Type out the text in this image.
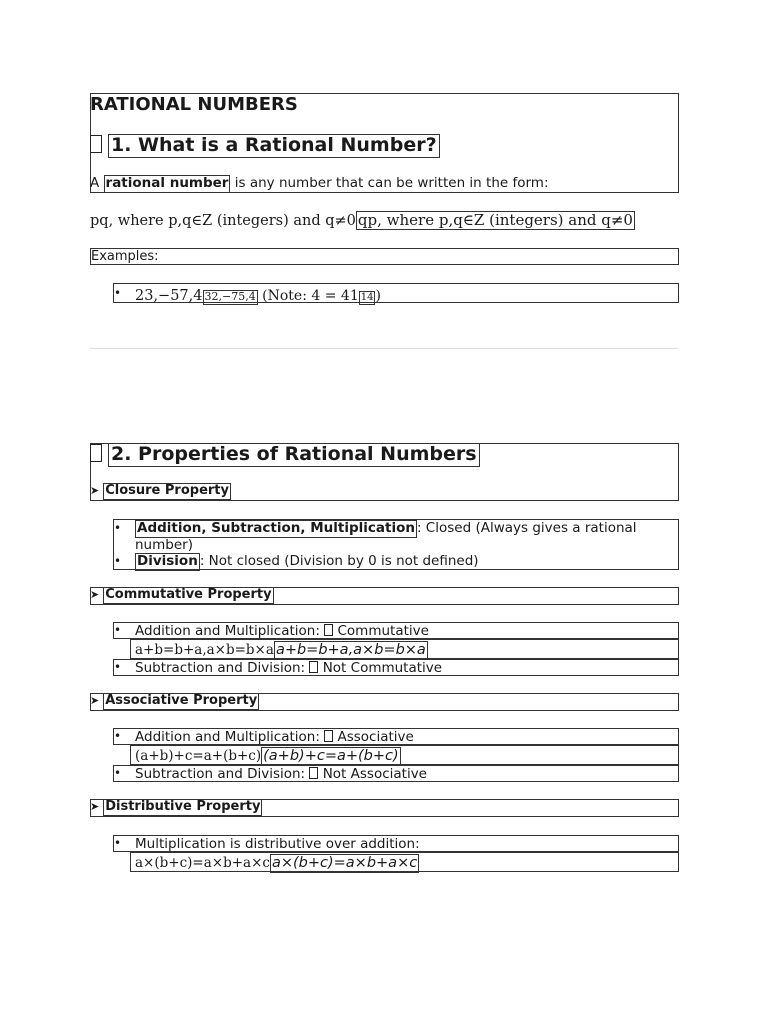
RATIONAL NUMBERS
1. What is a Rational Number?
A rational number is any number that can be written in the form:
pq, where p,q∈Z (integers) and q≠0 qp, where p,q∈Z (integers) and q≠0
Examples:
• 23,−57,4 32,−75,4 (Note: 4 = 41 14 )
2. Properties of Rational Numbers
➤ Closure Property
• Addition, Subtraction, Multiplication : Closed (Always gives a rational
number)
• Division : Not closed (Division by 0 is not defined)
➤ Commutative Property
• Addition and Multiplication:  Commutative
a+b=b+a,a×b=b×a a+b=b+a,a×b=b×a
• Subtraction and Division:  Not Commutative
➤ Associative Property
• Addition and Multiplication:  Associative
(a+b)+c=a+(b+c) (a+b)+c=a+(b+c)
• Subtraction and Division:  Not Associative
➤ Distributive Property
• Multiplication is distributive over addition:
a×(b+c)=a×b+a×c a×(b+c)=a×b+a×c
